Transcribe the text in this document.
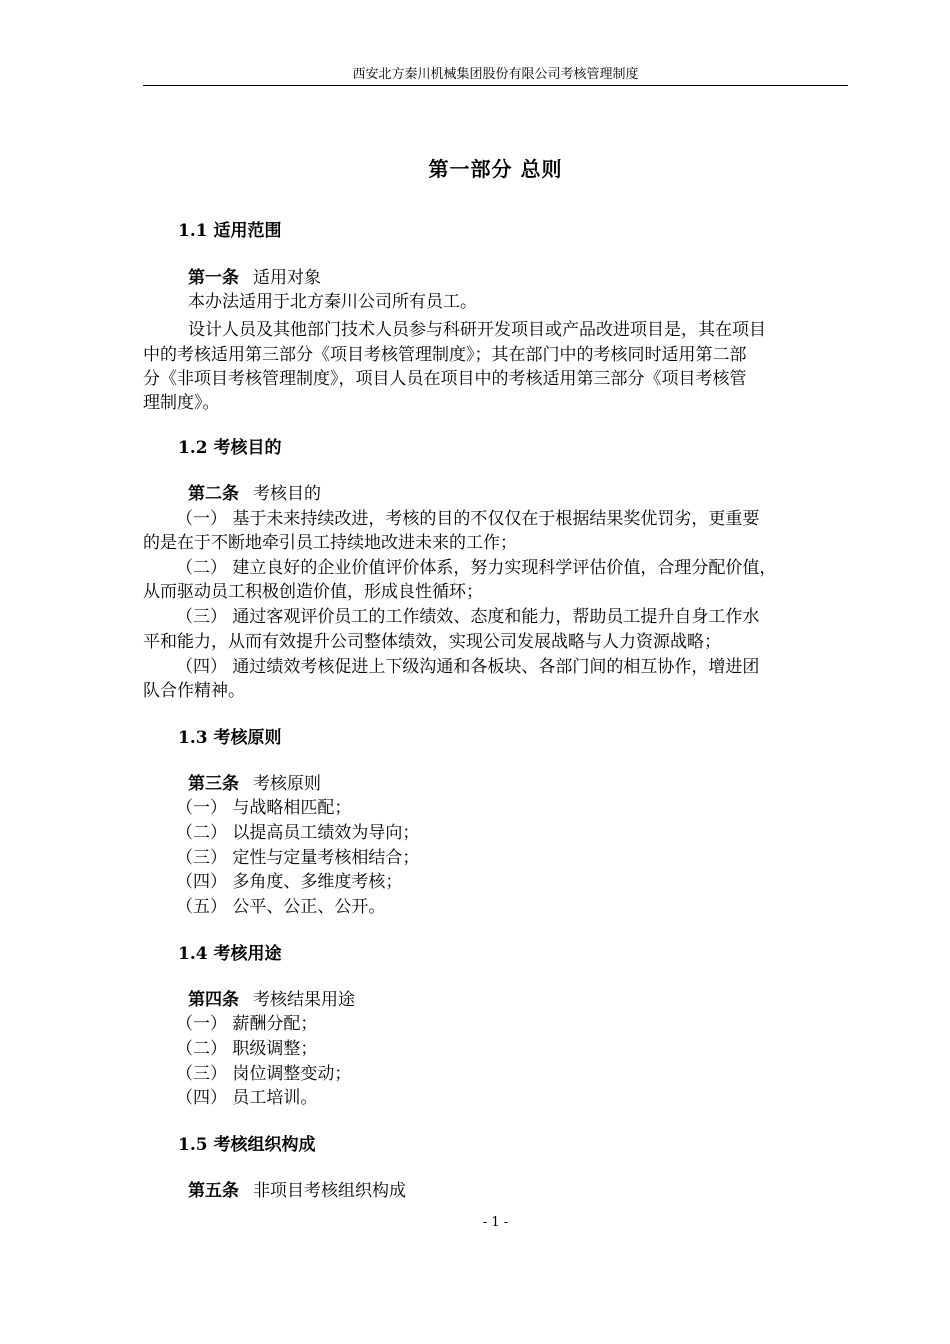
西安北方秦川机械集团股份有限公司考核管理制度
第一部分 总则
1.1 适用范围
第一条 适用对象
本办法适用于北方秦川公司所有员工。
设计人员及其他部门技术人员参与科研开发项目或产品改进项目是，其在项目
中的考核适用第三部分《项目考核管理制度》；其在部门中的考核同时适用第二部
分《非项目考核管理制度》，项目人员在项目中的考核适用第三部分《项目考核管
理制度》。
1.2 考核目的
第二条 考核目的
（一） 基于未来持续改进，考核的目的不仅仅在于根据结果奖优罚劣，更重要
的是在于不断地牵引员工持续地改进未来的工作；
（二） 建立良好的企业价值评价体系，努力实现科学评估价值，合理分配价值，
从而驱动员工积极创造价值，形成良性循环；
（三） 通过客观评价员工的工作绩效、态度和能力，帮助员工提升自身工作水
平和能力，从而有效提升公司整体绩效，实现公司发展战略与人力资源战略；
（四） 通过绩效考核促进上下级沟通和各板块、各部门间的相互协作，增进团
队合作精神。
1.3 考核原则
第三条 考核原则
（一） 与战略相匹配；
（二） 以提高员工绩效为导向；
（三） 定性与定量考核相结合；
（四） 多角度、多维度考核；
（五） 公平、公正、公开。
1.4 考核用途
第四条 考核结果用途
（一） 薪酬分配；
（二） 职级调整；
（三） 岗位调整变动；
（四） 员工培训。
1.5 考核组织构成
第五条 非项目考核组织构成
- 1 -
